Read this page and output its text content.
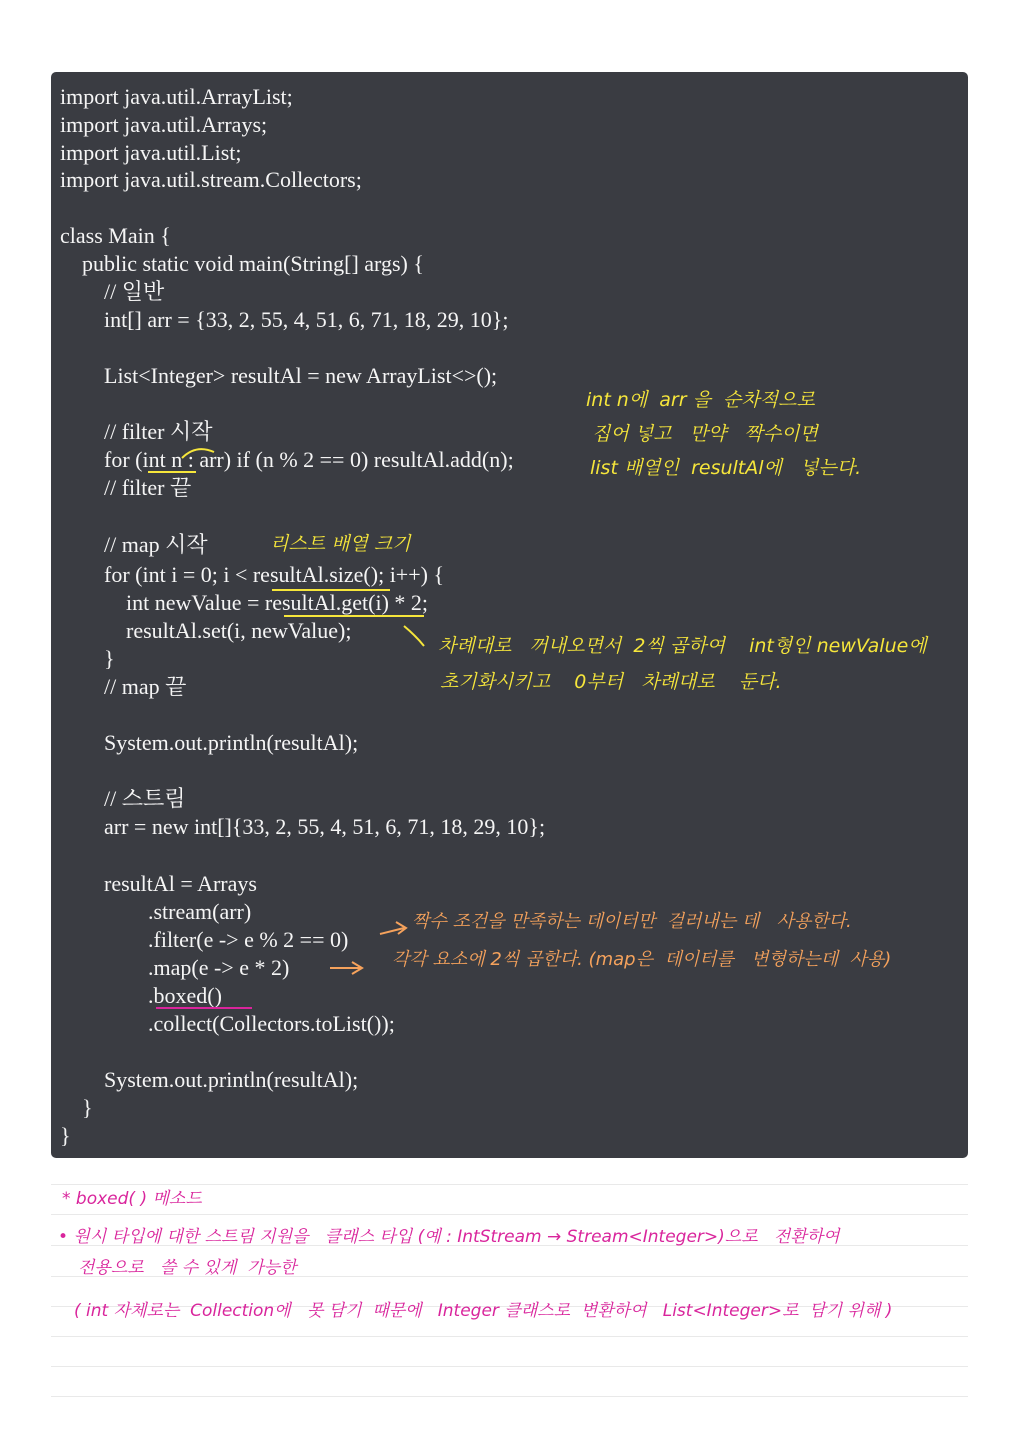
import java.util.ArrayList;
import java.util.Arrays;
import java.util.List;
import java.util.stream.Collectors;
class Main {
public static void main(String[] args) {
// 일반
int[] arr = {33, 2, 55, 4, 51, 6, 71, 18, 29, 10};
List<Integer> resultAl = new ArrayList<>();
// filter 시작
for (int n : arr) if (n % 2 == 0) resultAl.add(n);
// filter 끝
// map 시작
for (int i = 0; i < resultAl.size(); i++) {
int newValue = resultAl.get(i) * 2;
resultAl.set(i, newValue);
}
// map 끝
System.out.println(resultAl);
// 스트림
arr = new int[]{33, 2, 55, 4, 51, 6, 71, 18, 29, 10};
resultAl = Arrays
.stream(arr)
.filter(e -> e % 2 == 0)
.map(e -> e * 2)
.boxed()
.collect(Collectors.toList());
System.out.println(resultAl);
}
}
int n에  arr 을  순차적으로
집어 넣고   만약   짝수이면
list 배열인  resultAl에   넣는다.
리스트 배열 크기
차례대로   꺼내오면서  2씩 곱하여    int형인 newValue에
초기화시키고    0부터   차례대로    둔다.
짝수 조건을 만족하는 데이터만  걸러내는 데   사용한다.
각각 요소에 2씩 곱한다. (map은  데이터를   변형하는데  사용)
* boxed( ) 메소드
• 원시 타입에 대한 스트림 지원을   클래스 타입 (예 : IntStream → Stream<Integer>)으로   전환하여
전용으로   쓸 수 있게  가능한
( int 자체로는  Collection에   못 담기  때문에   Integer 클래스로  변환하여   List<Integer>로  담기 위해 )
